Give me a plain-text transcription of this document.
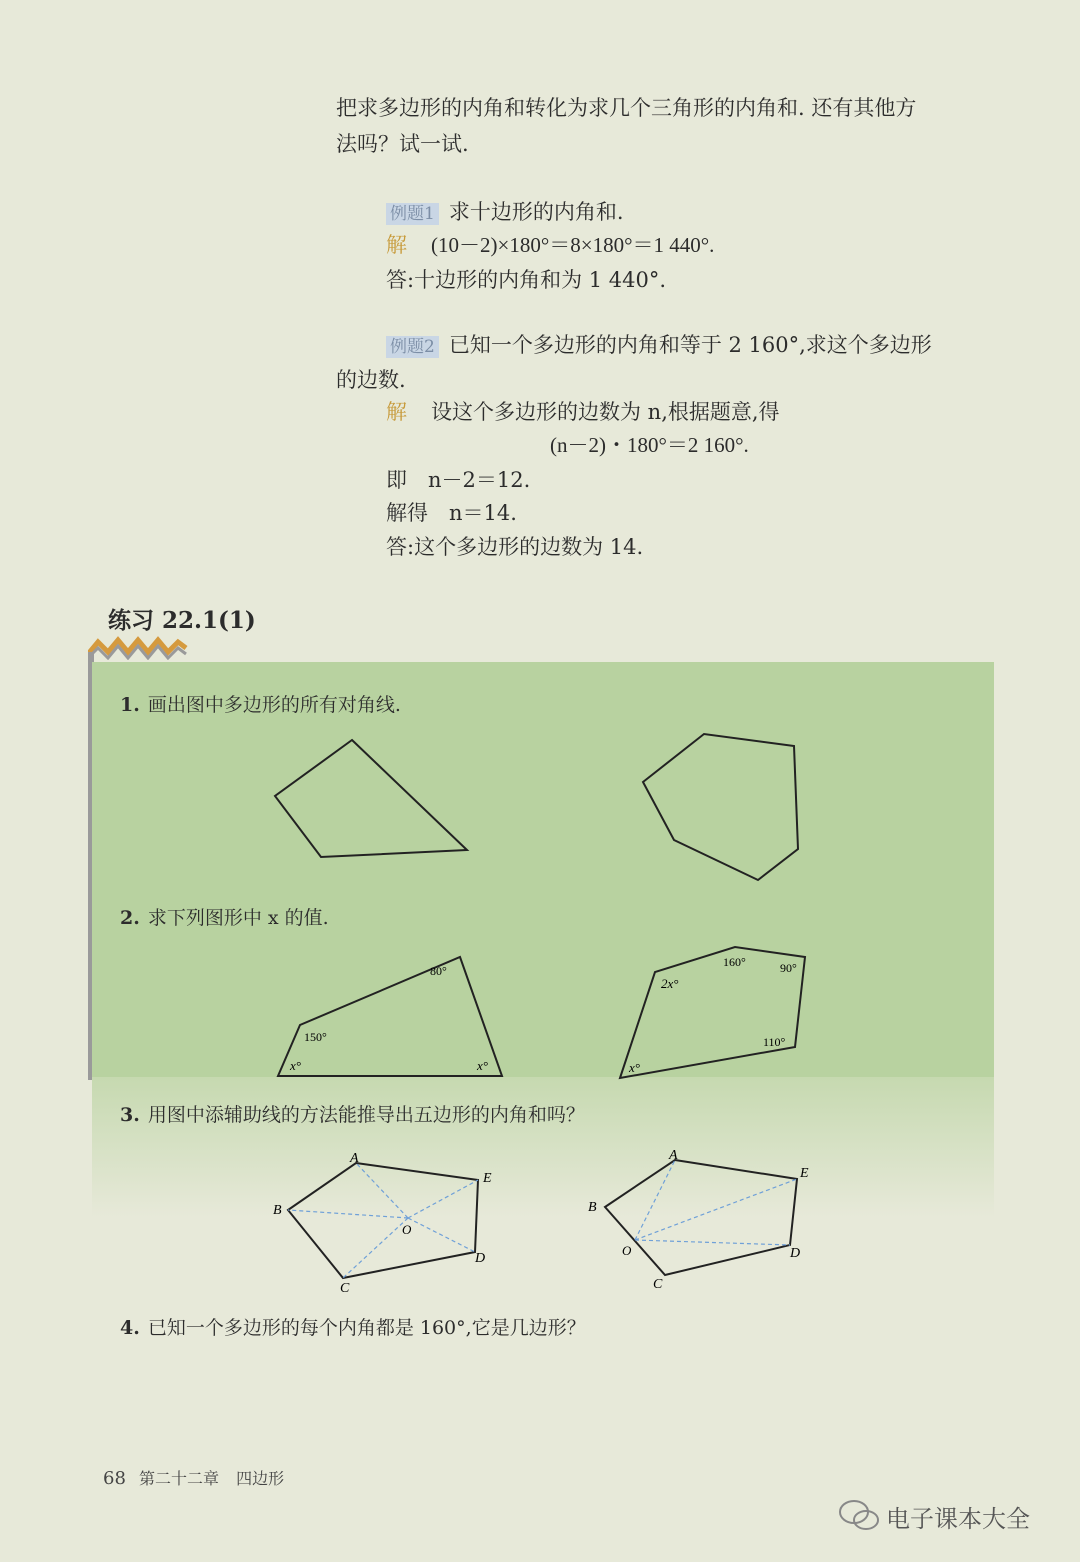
把求多边形的内角和转化为求几个三角形的内角和. 还有其他方
法吗？试一试.
例题1 求十边形的内角和.
解 (10－2)×180°＝8×180°＝1 440°.
答:十边形的内角和为 1 440°.
例题2 已知一个多边形的内角和等于 2 160°,求这个多边形
的边数.
解 设这个多边形的边数为 n,根据题意,得
(n－2)・180°＝2 160°.
即　n－2＝12.
解得　n＝14.
答:这个多边形的边数为 14.
练习 22.1(1)
1. 画出图中多边形的所有对角线.
2. 求下列图形中 x 的值.
80°
150°
x°	x°
160°	90°
2x°
110°
x°
3. 用图中添辅助线的方法能推导出五边形的内角和吗？
A
B
C
D
E
O
A
B
C
D
E
O
4. 已知一个多边形的每个内角都是 160°,它是几边形？
68 第二十二章 四边形
电子课本大全
